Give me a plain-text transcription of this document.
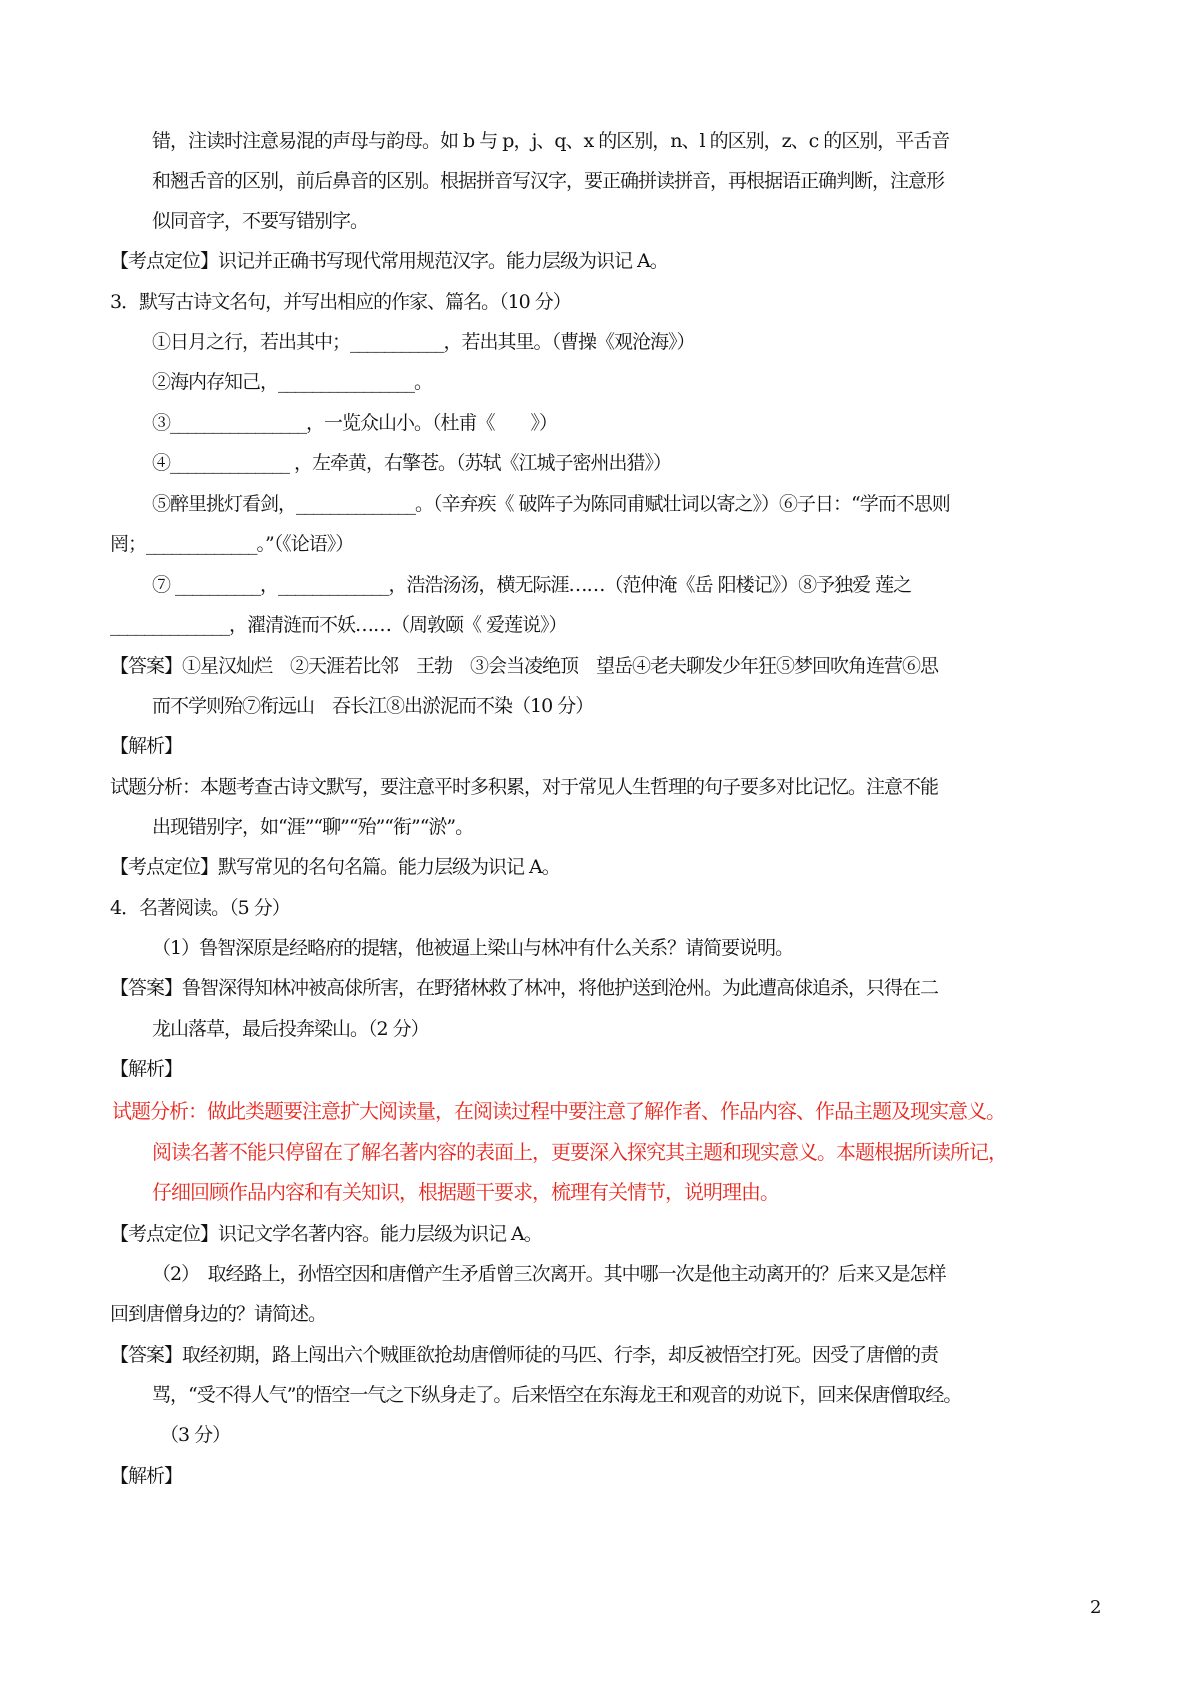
错，注读时注意易混的声母与韵母。如 b 与 p，j、q、x 的区别，n、l 的区别，z、c 的区别，平舌音
和翘舌音的区别，前后鼻音的区别。根据拼音写汉字，要正确拼读拼音，再根据语正确判断，注意形
似同音字，不要写错别字。
【考点定位】识记并正确书写现代常用规范汉字。能力层级为识记 A。
3．默写古诗文名句，并写出相应的作家、篇名。（10 分）
①日月之行，若出其中；___________，若出其里。（曹操《观沧海》）
②海内存知己，________________。
③________________，一览众山小。（杜甫《　　》）
④______________ ，左牵黄，右擎苍。（苏轼《江城子密州出猎》）
⑤醉里挑灯看剑，______________。（辛弃疾《 破阵子为陈同甫赋壮词以寄之》）⑥子日：“学而不思则
罔；_____________。”（《论语》）
⑦ __________，_____________，浩浩汤汤，横无际涯……（范仲淹《岳 阳楼记》）⑧予独爱 莲之
______________，濯清涟而不妖……（周敦颐《 爱莲说》）
【答案】①星汉灿烂　②天涯若比邻　王勃　③会当凌绝顶　望岳④老夫聊发少年狂⑤梦回吹角连营⑥思
而不学则殆⑦衔远山　吞长江⑧出淤泥而不染（10 分）
【解析】
试题分析：本题考查古诗文默写，要注意平时多积累，对于常见人生哲理的句子要多对比记忆。注意不能
出现错别字，如“涯”“聊”“殆”“衔”“淤”。
【考点定位】默写常见的名句名篇。能力层级为识记 A。
4．名著阅读。（5 分）
（1）鲁智深原是经略府的提辖，他被逼上梁山与林冲有什么关系？请简要说明。
【答案】鲁智深得知林冲被高俅所害，在野猪林救了林冲，将他护送到沧州。为此遭高俅追杀，只得在二
龙山落草，最后投奔梁山。（2 分）
【解析】
试题分析：做此类题要注意扩大阅读量，在阅读过程中要注意了解作者、作品内容、作品主题及现实意义。
阅读名著不能只停留在了解名著内容的表面上，更要深入探究其主题和现实意义。本题根据所读所记，
仔细回顾作品内容和有关知识，根据题干要求，梳理有关情节，说明理由。
【考点定位】识记文学名著内容。能力层级为识记 A。
（2）　取经路上，孙悟空因和唐僧产生矛盾曾三次离开。其中哪一次是他主动离开的？后来又是怎样
回到唐僧身边的？请简述。
【答案】取经初期，路上闯出六个贼匪欲抢劫唐僧师徒的马匹、行李，却反被悟空打死。因受了唐僧的责
骂，“受不得人气”的悟空一气之下纵身走了。后来悟空在东海龙王和观音的劝说下，回来保唐僧取经。
（3 分）
【解析】
2
